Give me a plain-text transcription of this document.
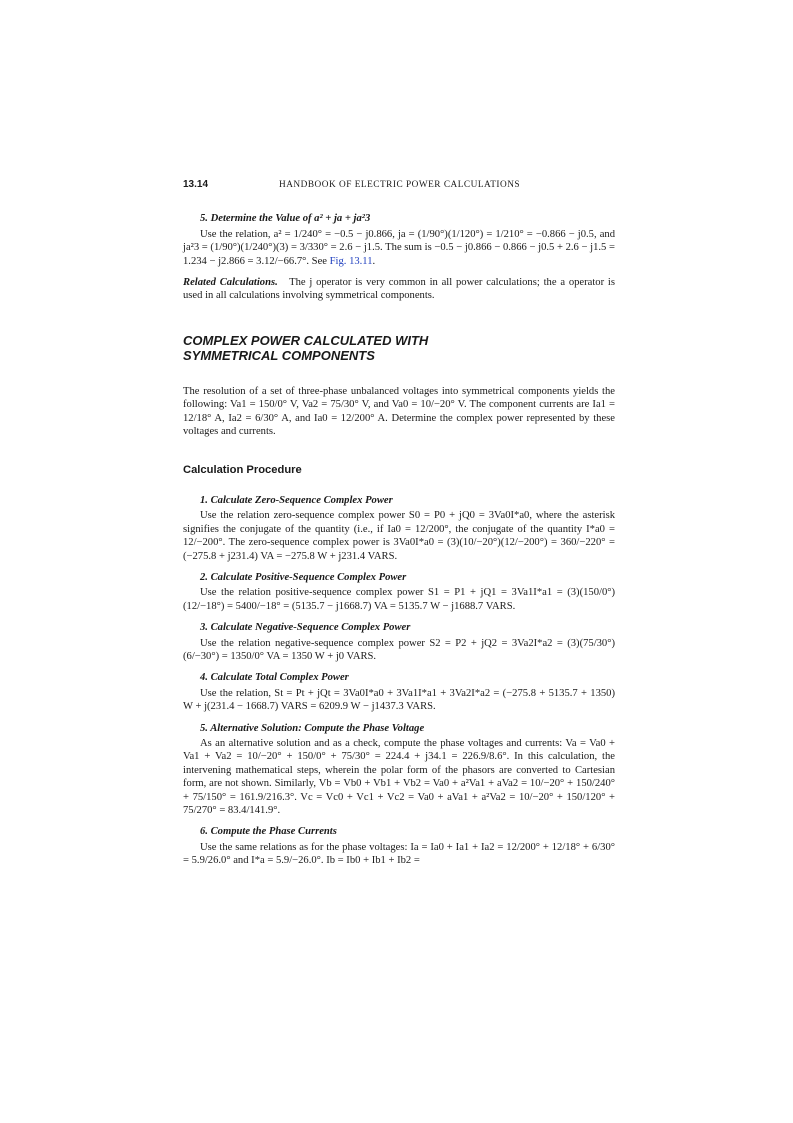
13.14	HANDBOOK OF ELECTRIC POWER CALCULATIONS
5. Determine the Value of a² + ja + ja²3

Use the relation, a² = 1/240° = −0.5 − j0.866, ja = (1/90°)(1/120°) = 1/210° = −0.866 − j0.5, and ja²3 = (1/90°)(1/240°)(3) = 3/330° = 2.6 − j1.5. The sum is −0.5 − j0.866 − 0.866 − j0.5 + 2.6 − j1.5 = 1.234 − j2.866 = 3.12/−66.7°. See Fig. 13.11.

Related Calculations. The j operator is very common in all power calculations; the a operator is used in all calculations involving symmetrical components.

COMPLEX POWER CALCULATED WITH
SYMMETRICAL COMPONENTS

The resolution of a set of three-phase unbalanced voltages into symmetrical components yields the following: Va1 = 150/0° V, Va2 = 75/30° V, and Va0 = 10/−20° V. The component currents are Ia1 = 12/18° A, Ia2 = 6/30° A, and Ia0 = 12/200° A. Determine the complex power represented by these voltages and currents.

Calculation Procedure
1. Calculate Zero-Sequence Complex Power

Use the relation zero-sequence complex power S0 = P0 + jQ0 = 3Va0I*a0, where the asterisk signifies the conjugate of the quantity (i.e., if Ia0 = 12/200°, the conjugate of the quantity I*a0 = 12/−200°. The zero-sequence complex power is 3Va0I*a0 = (3)(10/−20°)(12/−200°) = 360/−220° = (−275.8 + j231.4) VA = −275.8 W + j231.4 VARS.

2. Calculate Positive-Sequence Complex Power

Use the relation positive-sequence complex power S1 = P1 + jQ1 = 3Va1I*a1 = (3)(150/0°)(12/−18°) = 5400/−18° = (5135.7 − j1668.7) VA = 5135.7 W − j1688.7 VARS.

3. Calculate Negative-Sequence Complex Power

Use the relation negative-sequence complex power S2 = P2 + jQ2 = 3Va2I*a2 = (3)(75/30°)(6/−30°) = 1350/0° VA = 1350 W + j0 VARS.

4. Calculate Total Complex Power

Use the relation, St = Pt + jQt = 3Va0I*a0 + 3Va1I*a1 + 3Va2I*a2 = (−275.8 + 5135.7 + 1350) W + j(231.4 − 1668.7) VARS = 6209.9 W − j1437.3 VARS.

5. Alternative Solution: Compute the Phase Voltage

As an alternative solution and as a check, compute the phase voltages and currents: Va = Va0 + Va1 + Va2 = 10/−20° + 150/0° + 75/30° = 224.4 + j34.1 = 226.9/8.6°. In this calculation, the intervening mathematical steps, wherein the polar form of the phasors are converted to Cartesian form, are not shown. Similarly, Vb = Vb0 + Vb1 + Vb2 = Va0 + a²Va1 + aVa2 = 10/−20° + 150/240° + 75/150° = 161.9/216.3°. Vc = Vc0 + Vc1 + Vc2 = Va0 + aVa1 + a²Va2 = 10/−20° + 150/120° + 75/270° = 83.4/141.9°.

6. Compute the Phase Currents

Use the same relations as for the phase voltages: Ia = Ia0 + Ia1 + Ia2 = 12/200° + 12/18° + 6/30° = 5.9/26.0° and I*a = 5.9/−26.0°. Ib = Ib0 + Ib1 + Ib2 =
